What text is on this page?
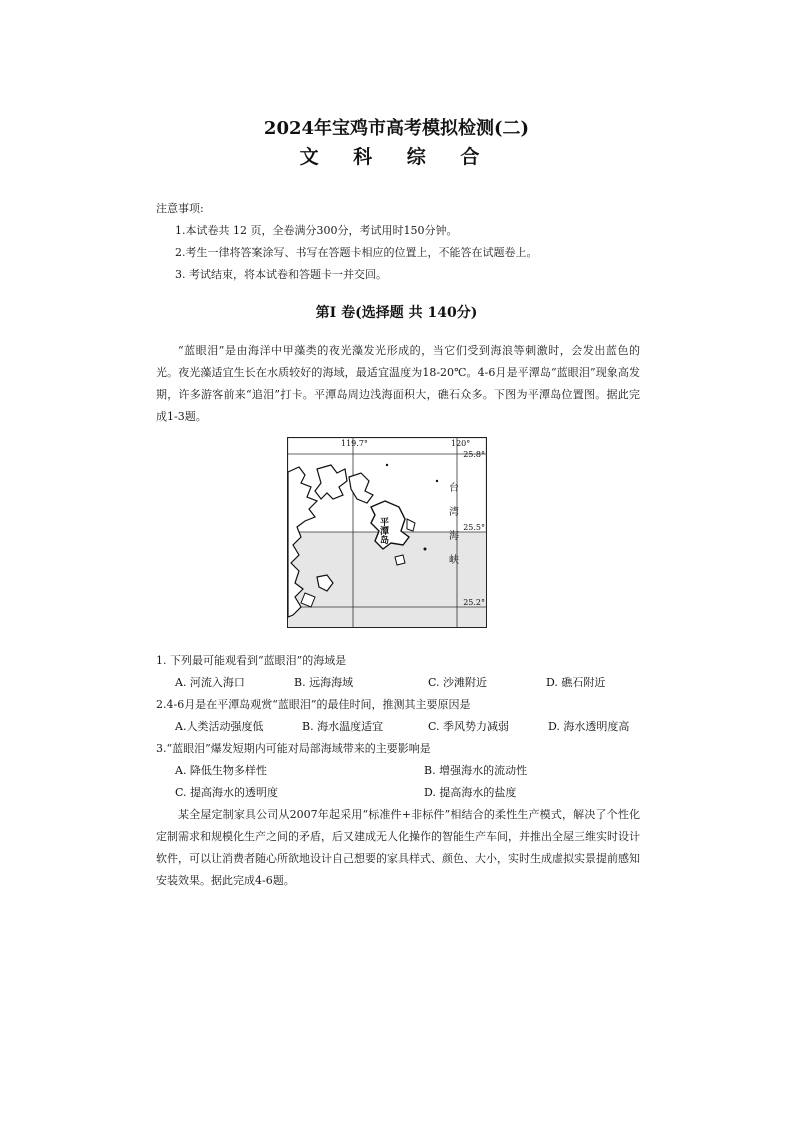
2024年宝鸡市高考模拟检测(二)
文 科 综 合
注意事项:
1.本试卷共 12 页，全卷满分300分，考试用时150分钟。
2.考生一律将答案涂写、书写在答题卡相应的位置上，不能答在试题卷上。
3. 考试结束，将本试卷和答题卡一并交回。
第Ⅰ 卷(选择题 共 140分)
“蓝眼泪”是由海洋中甲藻类的夜光藻发光形成的，当它们受到海浪等刺激时，会发出蓝色的光。夜光藻适宜生长在水质较好的海域，最适宜温度为18-20℃。4-6月是平潭岛“蓝眼泪”现象高发期，许多游客前来“追泪”打卡。平潭岛周边浅海面积大，礁石众多。下图为平潭岛位置图。据此完成1-3题。
119.7°	120°
25.8°
25.5°
25.2°
平潭岛	台湾海峡
1. 下列最可能观看到“蓝眼泪”的海域是
A. 河流入海口	B. 远海海域	C. 沙滩附近	D. 礁石附近
2.4-6月是在平潭岛观赏“蓝眼泪”的最佳时间，推测其主要原因是
A.人类活动强度低	B. 海水温度适宜	C. 季风势力减弱	D. 海水透明度高
3.“蓝眼泪”爆发短期内可能对局部海域带来的主要影响是
A. 降低生物多样性	B. 增强海水的流动性
C. 提高海水的透明度	D. 提高海水的盐度
某全屋定制家具公司从2007年起采用“标准件+非标件”相结合的柔性生产模式，解决了个性化定制需求和规模化生产之间的矛盾，后又建成无人化操作的智能生产车间，并推出全屋三维实时设计软件，可以让消费者随心所欲地设计自己想要的家具样式、颜色、大小，实时生成虚拟实景提前感知安装效果。据此完成4-6题。
